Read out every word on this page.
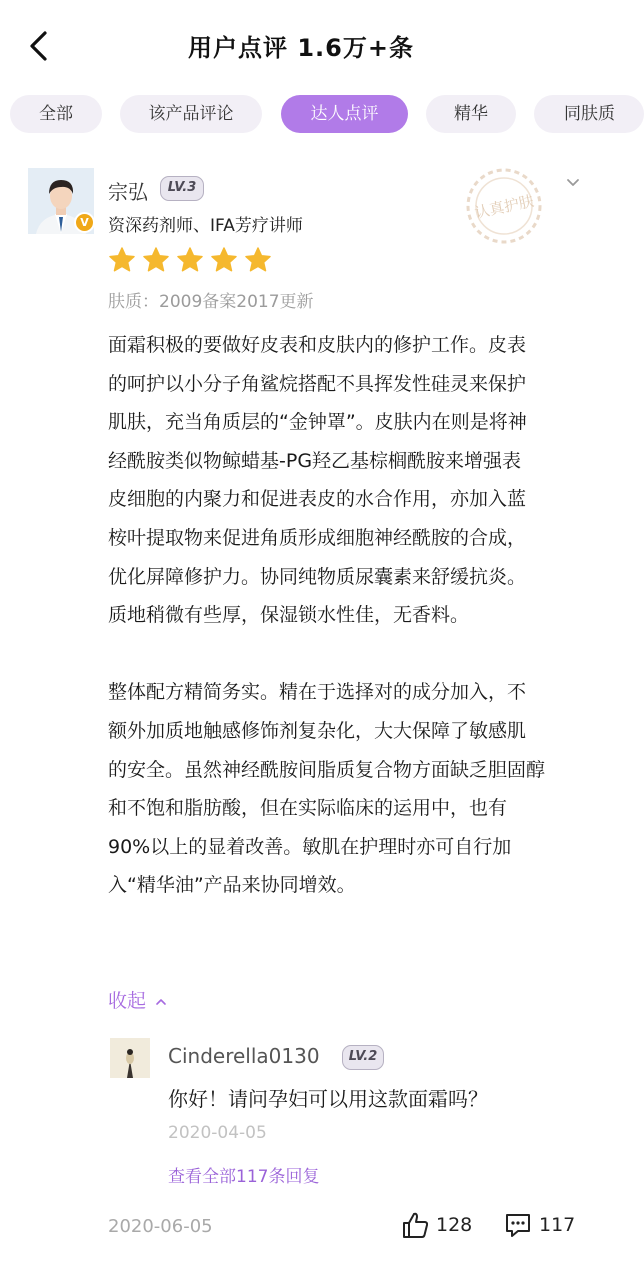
用户点评 1.6万+条
全部	该产品评论	达人点评	精华	同肤质
V
宗弘	LV.3
资深药剂师、IFA芳疗讲师
认真护肤
肤质：2009备案2017更新

面霜积极的要做好皮表和皮肤内的修护工作。皮表

的呵护以小分子角鲨烷搭配不具挥发性硅灵来保护

肌肤，充当角质层的“金钟罩”。皮肤内在则是将神

经酰胺类似物鲸蜡基-PG羟乙基棕榈酰胺来增强表

皮细胞的内聚力和促进表皮的水合作用，亦加入蓝

桉叶提取物来促进角质形成细胞神经酰胺的合成，

优化屏障修护力。协同纯物质尿囊素来舒缓抗炎。

质地稍微有些厚，保湿锁水性佳，无香料。

整体配方精简务实。精在于选择对的成分加入，不

额外加质地触感修饰剂复杂化，大大保障了敏感肌

的安全。虽然神经酰胺间脂质复合物方面缺乏胆固醇

和不饱和脂肪酸，但在实际临床的运用中，也有

90%以上的显着改善。敏肌在护理时亦可自行加

入“精华油”产品来协同增效。

收起
Cinderella0130	LV.2
你好！请问孕妇可以用这款面霜吗？
2020-04-05
查看全部117条回复
2020-06-05	128	117
